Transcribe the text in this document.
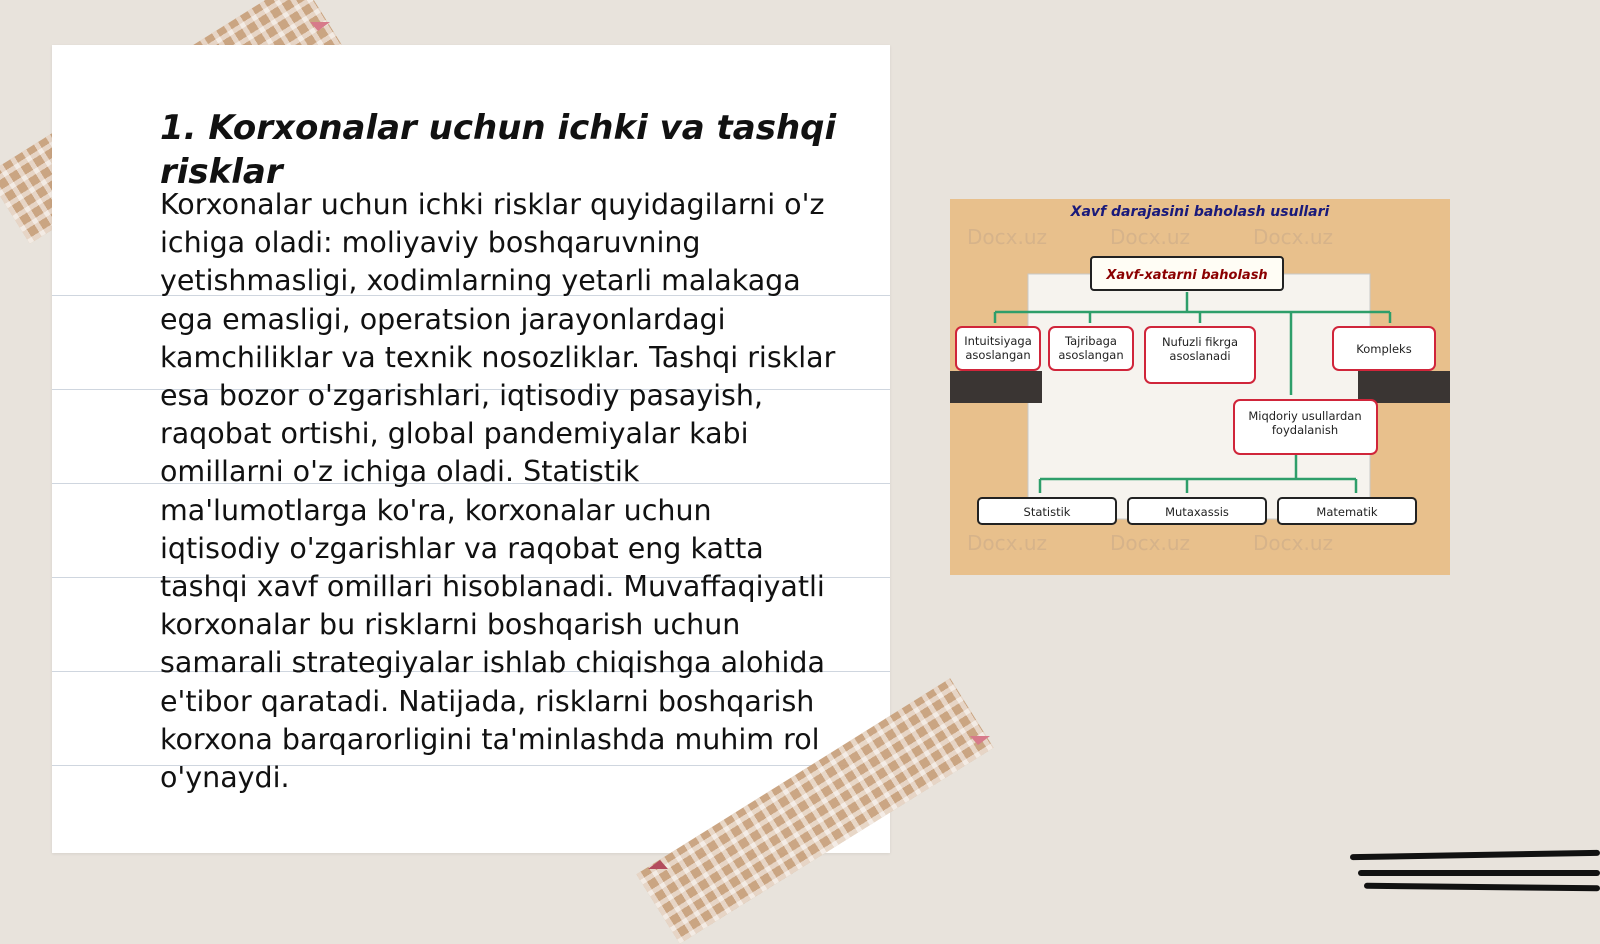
1. Korxonalar uchun ichki va tashqi risklar

Korxonalar uchun ichki risklar quyidagilarni o'z ichiga oladi: moliyaviy boshqaruvning yetishmasligi, xodimlarning yetarli malakaga ega emasligi, operatsion jarayonlardagi kamchiliklar va texnik nosozliklar. Tashqi risklar esa bozor o'zgarishlari, iqtisodiy pasayish, raqobat ortishi, global pandemiyalar kabi omillarni o'z ichiga oladi. Statistik ma'lumotlarga ko'ra, korxonalar uchun iqtisodiy o'zgarishlar va raqobat eng katta tashqi xavf omillari hisoblanadi. Muvaffaqiyatli korxonalar bu risklarni boshqarish uchun samarali strategiyalar ishlab chiqishga alohida e'tibor qaratadi. Natijada, risklarni boshqarish korxona barqarorligini ta'minlashda muhim rol o'ynaydi.

Docx.uz	Docx.uz	Docx.uz
Docx.uz	Docx.uz	Docx.uz
Xavf darajasini baholash usullari
Xavf-xatarni baholash
Intuitsiyaga
asoslangan
Tajribaga
asoslangan
Nufuzli fikrga
asoslanadi	Kompleks
Miqdoriy usullardan
foydalanish
Statistik	Mutaxassis	Matematik
